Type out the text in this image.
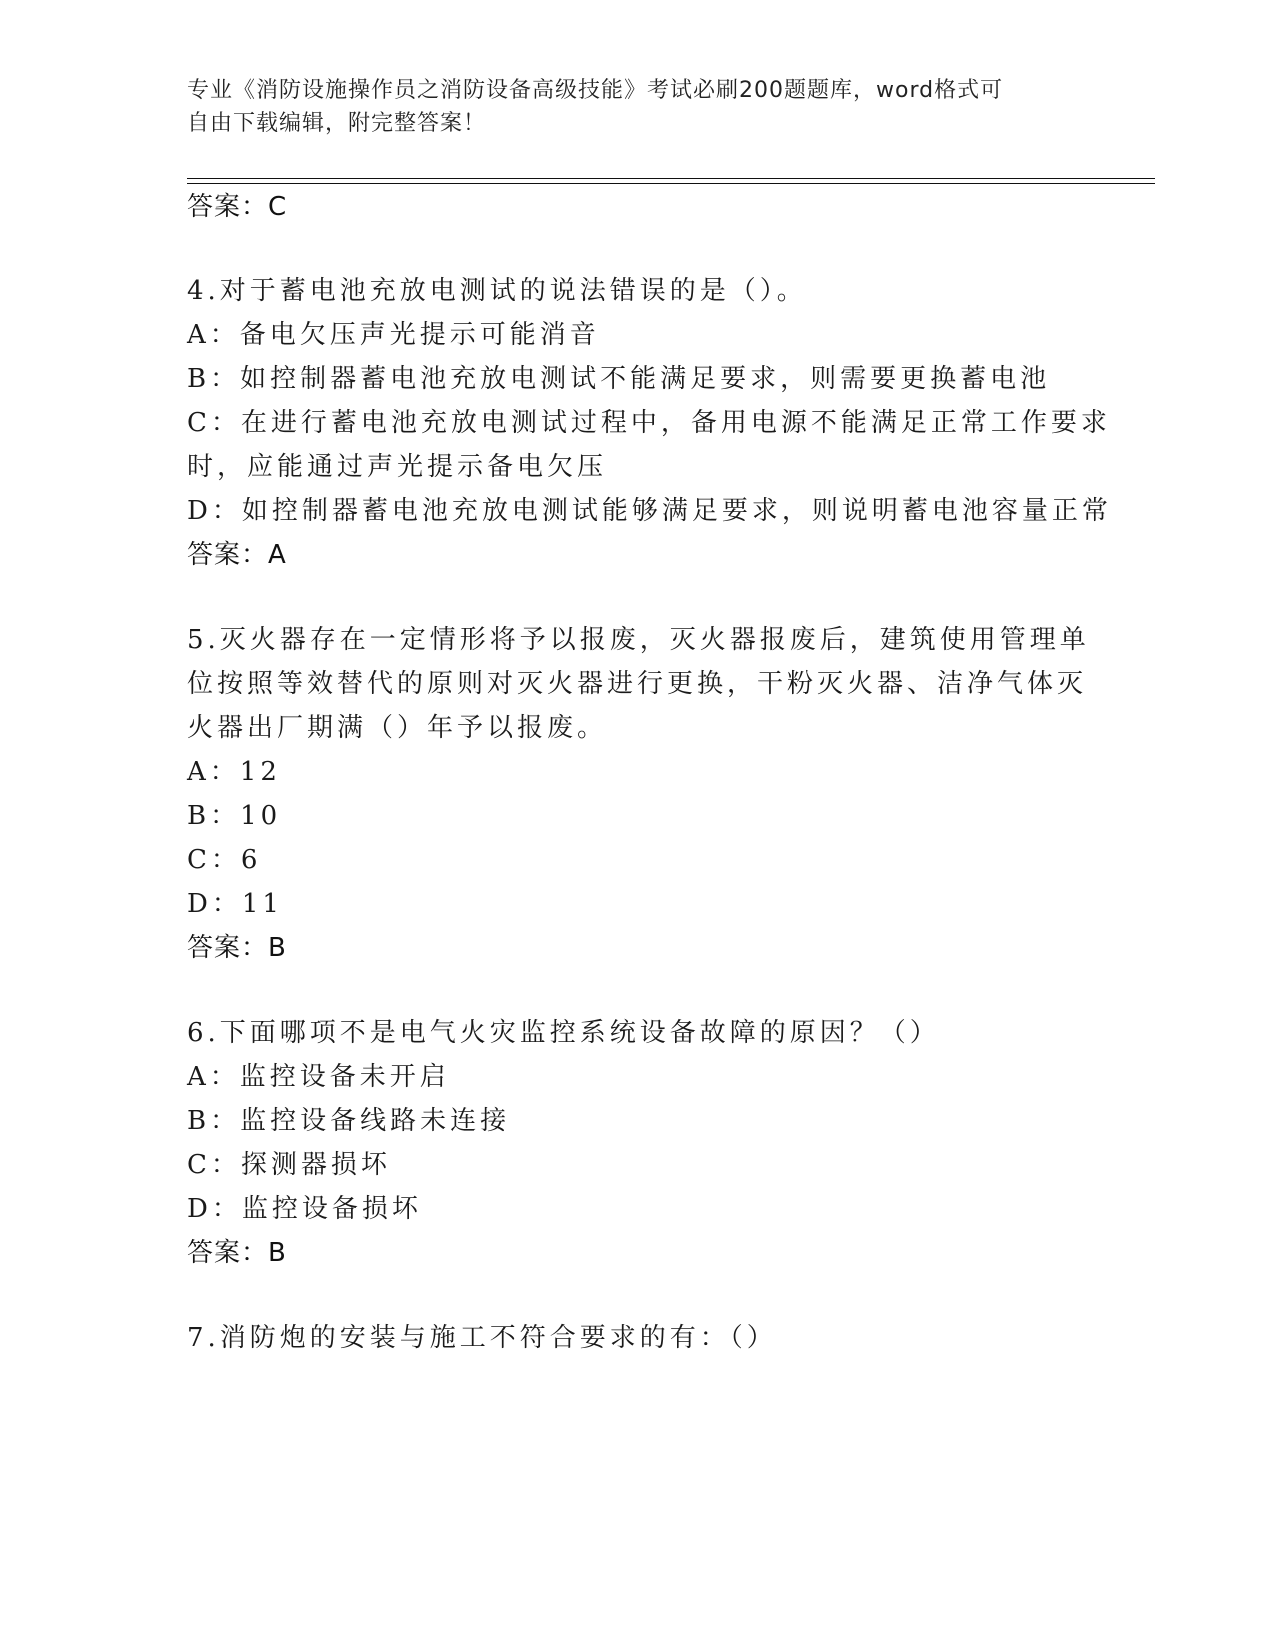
专业《消防设施操作员之消防设备高级技能》考试必刷200题题库，word格式可
自由下载编辑，附完整答案！
答案：C
4.对于蓄电池充放电测试的说法错误的是（）。
A：备电欠压声光提示可能消音
B：如控制器蓄电池充放电测试不能满足要求，则需要更换蓄电池
C：在进行蓄电池充放电测试过程中，备用电源不能满足正常工作要求
时，应能通过声光提示备电欠压
D：如控制器蓄电池充放电测试能够满足要求，则说明蓄电池容量正常
答案：A
5.灭火器存在一定情形将予以报废，灭火器报废后，建筑使用管理单
位按照等效替代的原则对灭火器进行更换，干粉灭火器、洁净气体灭
火器出厂期满（）年予以报废。
A：12
B：10
C：6
D：11
答案：B
6.下面哪项不是电气火灾监控系统设备故障的原因？（）
A：监控设备未开启
B：监控设备线路未连接
C：探测器损坏
D：监控设备损坏
答案：B
7.消防炮的安装与施工不符合要求的有：（）
